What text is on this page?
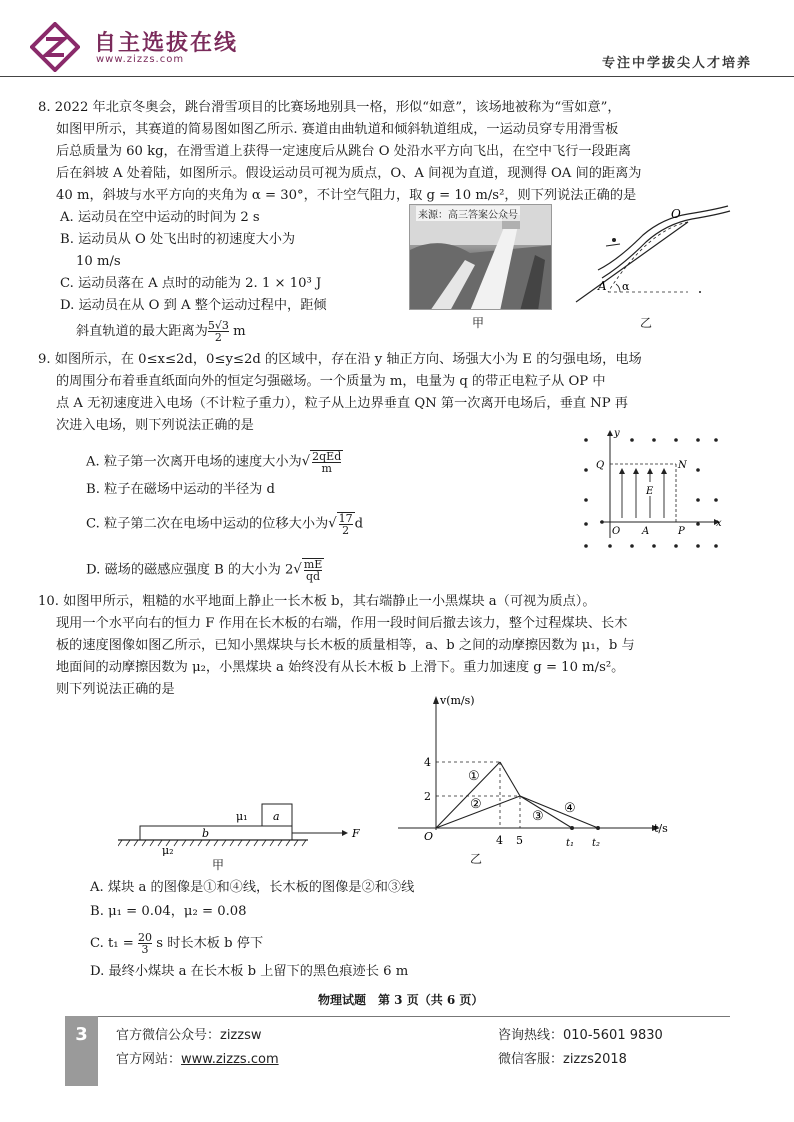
自主选拔在线
www.zizzs.com	专注中学拔尖人才培养
8. 2022 年北京冬奥会，跳台滑雪项目的比赛场地别具一格，形似“如意”，该场地被称为“雪如意”，
如图甲所示，其赛道的简易图如图乙所示. 赛道由曲轨道和倾斜轨道组成，一运动员穿专用滑雪板
后总质量为 60 kg，在滑雪道上获得一定速度后从跳台 O 处沿水平方向飞出，在空中飞行一段距离
后在斜坡 A 处着陆，如图所示。假设运动员可视为质点，O、A 间视为直道，现测得 OA 间的距离为
40 m，斜坡与水平方向的夹角为 α = 30°，不计空气阻力，取 g = 10 m/s²，则下列说法正确的是
A. 运动员在空中运动的时间为 2 s
B. 运动员从 O 处飞出时的初速度大小为
10 m/s
C. 运动员落在 A 点时的动能为 2. 1 × 10³ J
D. 运动员在从 O 到 A 整个运动过程中，距倾
斜直轨道的最大距离为 $\frac{5√3}{2}$ m
来源：高三答案公众号
甲
O
A α
乙
9. 如图所示，在 0≤x≤2d，0≤y≤2d 的区域中，存在沿 y 轴正方向、场强大小为 E 的匀强电场，电场
的周围分布着垂直纸面向外的恒定匀强磁场。一个质量为 m，电量为 q 的带正电粒子从 OP 中
点 A 无初速度进入电场（不计粒子重力），粒子从上边界垂直 QN 第一次离开电场后，垂直 NP 再
次进入电场，则下列说法正确的是
A. 粒子第一次离开电场的速度大小为√ $\frac{\text{2qEd}}{m}$
B. 粒子在磁场中运动的半径为 d
C. 粒子第二次在电场中运动的位移大小为√ $\frac{17}{2}$ d
D. 磁场的磁感应强度 B 的大小为 $2√ \frac{mE}{qd}$
y
x
Q	N
E
O A	P
10. 如图甲所示，粗糙的水平地面上静止一长木板 b，其右端静止一小黑煤块 a（可视为质点）。
现用一个水平向右的恒力 F 作用在长木板的右端，作用一段时间后撤去该力，整个过程煤块、长木
板的速度图像如图乙所示，已知小黑煤块与长木板的质量相等，a、b 之间的动摩擦因数为 μ₁，b 与
地面间的动摩擦因数为 μ₂，小黑煤块 a 始终没有从长木板 b 上滑下。重力加速度 g = 10 m/s²。
则下列说法正确的是
μ₁ a
b	F
μ₂
甲
v(m/s)
t/s
4
2
O	4 5	t₁ t₂
①
②
③
④
乙
A. 煤块 a 的图像是①和④线，长木板的图像是②和③线
B. μ₁ = 0.04，μ₂ = 0.08
C. $t_1 = \frac{20}{3}$ s 时长木板 b 停下
D. 最终小煤块 a 在长木板 b 上留下的黑色痕迹长 6 m
物理试题　第 3 页（共 6 页）
3	官方微信公众号：zizzsw
官方网站：www.zizzs.com
咨询热线：010-5601 9830
微信客服：zizzs2018
